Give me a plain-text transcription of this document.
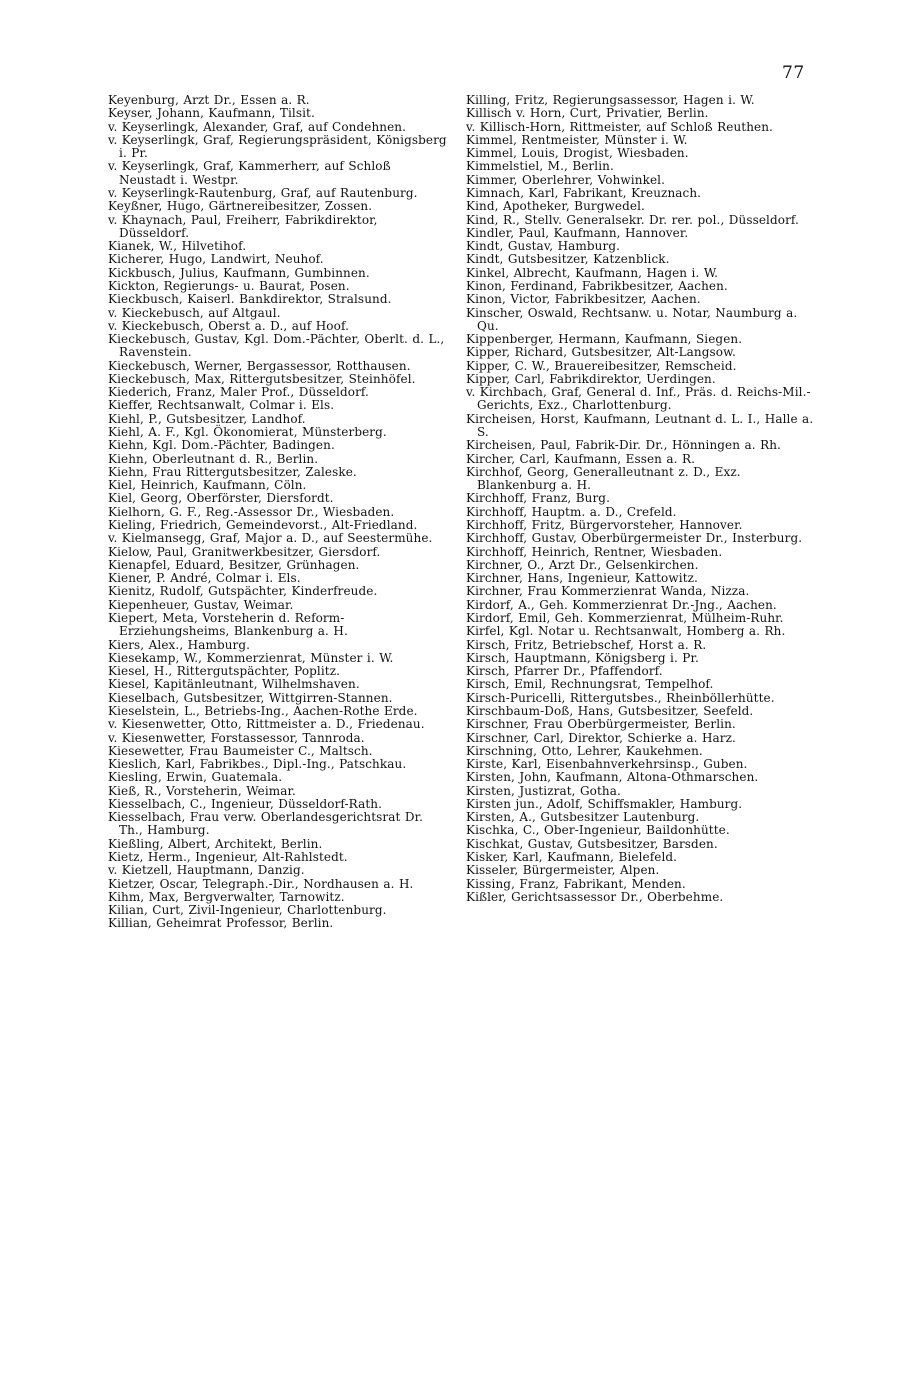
77
Keyenburg, Arzt Dr., Essen a. R.
Keyser, Johann, Kaufmann, Tilsit.
v. Keyserlingk, Alexander, Graf, auf Condehnen.
v. Keyserlingk, Graf, Regierungspräsident, Königsberg i. Pr.
v. Keyserlingk, Graf, Kammerherr, auf Schloß Neustadt i. Westpr.
v. Keyserlingk-Rautenburg, Graf, auf Rautenburg.
Keyßner, Hugo, Gärtnereibesitzer, Zossen.
v. Khaynach, Paul, Freiherr, Fabrikdirektor, Düsseldorf.
Kianek, W., Hilvetihof.
Kicherer, Hugo, Landwirt, Neuhof.
Kickbusch, Julius, Kaufmann, Gumbinnen.
Kickton, Regierungs- u. Baurat, Posen.
Kieckbusch, Kaiserl. Bankdirektor, Stralsund.
v. Kieckebusch, auf Altgaul.
v. Kieckebusch, Oberst a. D., auf Hoof.
Kieckebusch, Gustav, Kgl. Dom.-Pächter, Oberlt. d. L., Ravenstein.
Kieckebusch, Werner, Bergassessor, Rotthausen.
Kieckebusch, Max, Rittergutsbesitzer, Steinhöfel.
Kiederich, Franz, Maler Prof., Düsseldorf.
Kieffer, Rechtsanwalt, Colmar i. Els.
Kiehl, P., Gutsbesitzer, Landhof.
Kiehl, A. F., Kgl. Ökonomierat, Münsterberg.
Kiehn, Kgl. Dom.-Pächter, Badingen.
Kiehn, Oberleutnant d. R., Berlin.
Kiehn, Frau Rittergutsbesitzer, Zaleske.
Kiel, Heinrich, Kaufmann, Cöln.
Kiel, Georg, Oberförster, Diersfordt.
Kielhorn, G. F., Reg.-Assessor Dr., Wiesbaden.
Kieling, Friedrich, Gemeindevorst., Alt-Friedland.
v. Kielmansegg, Graf, Major a. D., auf Seestermühe.
Kielow, Paul, Granitwerkbesitzer, Giersdorf.
Kienapfel, Eduard, Besitzer, Grünhagen.
Kiener, P. André, Colmar i. Els.
Kienitz, Rudolf, Gutspächter, Kinderfreude.
Kiepenheuer, Gustav, Weimar.
Kiepert, Meta, Vorsteherin d. Reform-Erziehungsheims, Blankenburg a. H.
Kiers, Alex., Hamburg.
Kiesekamp, W., Kommerzienrat, Münster i. W.
Kiesel, H., Rittergutspächter, Poplitz.
Kiesel, Kapitänleutnant, Wilhelmshaven.
Kieselbach, Gutsbesitzer, Wittgirren-Stannen.
Kieselstein, L., Betriebs-Ing., Aachen-Rothe Erde.
v. Kiesenwetter, Otto, Rittmeister a. D., Friedenau.
v. Kiesenwetter, Forstassessor, Tannroda.
Kiesewetter, Frau Baumeister C., Maltsch.
Kieslich, Karl, Fabrikbes., Dipl.-Ing., Patschkau.
Kiesling, Erwin, Guatemala.
Kieß, R., Vorsteherin, Weimar.
Kiesselbach, C., Ingenieur, Düsseldorf-Rath.
Kiesselbach, Frau verw. Oberlandesgerichtsrat Dr. Th., Hamburg.
Kießling, Albert, Architekt, Berlin.
Kietz, Herm., Ingenieur, Alt-Rahlstedt.
v. Kietzell, Hauptmann, Danzig.
Kietzer, Oscar, Telegraph.-Dir., Nordhausen a. H.
Kihm, Max, Bergverwalter, Tarnowitz.
Kilian, Curt, Zivil-Ingenieur, Charlottenburg.
Killian, Geheimrat Professor, Berlin.
Killing, Fritz, Regierungsassessor, Hagen i. W.
Killisch v. Horn, Curt, Privatier, Berlin.
v. Killisch-Horn, Rittmeister, auf Schloß Reuthen.
Kimmel, Rentmeister, Münster i. W.
Kimmel, Louis, Drogist, Wiesbaden.
Kimmelstiel, M., Berlin.
Kimmer, Oberlehrer, Vohwinkel.
Kimnach, Karl, Fabrikant, Kreuznach.
Kind, Apotheker, Burgwedel.
Kind, R., Stellv. Generalsekr. Dr. rer. pol., Düsseldorf.
Kindler, Paul, Kaufmann, Hannover.
Kindt, Gustav, Hamburg.
Kindt, Gutsbesitzer, Katzenblick.
Kinkel, Albrecht, Kaufmann, Hagen i. W.
Kinon, Ferdinand, Fabrikbesitzer, Aachen.
Kinon, Victor, Fabrikbesitzer, Aachen.
Kinscher, Oswald, Rechtsanw. u. Notar, Naumburg a. Qu.
Kippenberger, Hermann, Kaufmann, Siegen.
Kipper, Richard, Gutsbesitzer, Alt-Langsow.
Kipper, C. W., Brauereibesitzer, Remscheid.
Kipper, Carl, Fabrikdirektor, Uerdingen.
v. Kirchbach, Graf, General d. Inf., Präs. d. Reichs-Mil.-Gerichts, Exz., Charlottenburg.
Kircheisen, Horst, Kaufmann, Leutnant d. L. I., Halle a. S.
Kircheisen, Paul, Fabrik-Dir. Dr., Hönningen a. Rh.
Kircher, Carl, Kaufmann, Essen a. R.
Kirchhof, Georg, Generalleutnant z. D., Exz. Blankenburg a. H.
Kirchhoff, Franz, Burg.
Kirchhoff, Hauptm. a. D., Crefeld.
Kirchhoff, Fritz, Bürgervorsteher, Hannover.
Kirchhoff, Gustav, Oberbürgermeister Dr., Insterburg.
Kirchhoff, Heinrich, Rentner, Wiesbaden.
Kirchner, O., Arzt Dr., Gelsenkirchen.
Kirchner, Hans, Ingenieur, Kattowitz.
Kirchner, Frau Kommerzienrat Wanda, Nizza.
Kirdorf, A., Geh. Kommerzienrat Dr.-Jng., Aachen.
Kirdorf, Emil, Geh. Kommerzienrat, Mülheim-Ruhr.
Kirfel, Kgl. Notar u. Rechtsanwalt, Homberg a. Rh.
Kirsch, Fritz, Betriebschef, Horst a. R.
Kirsch, Hauptmann, Königsberg i. Pr.
Kirsch, Pfarrer Dr., Pfaffendorf.
Kirsch, Emil, Rechnungsrat, Tempelhof.
Kirsch-Puricelli, Rittergutsbes., Rheinböllerhütte.
Kirschbaum-Doß, Hans, Gutsbesitzer, Seefeld.
Kirschner, Frau Oberbürgermeister, Berlin.
Kirschner, Carl, Direktor, Schierke a. Harz.
Kirschning, Otto, Lehrer, Kaukehmen.
Kirste, Karl, Eisenbahnverkehrsinsp., Guben.
Kirsten, John, Kaufmann, Altona-Othmarschen.
Kirsten, Justizrat, Gotha.
Kirsten jun., Adolf, Schiffsmakler, Hamburg.
Kirsten, A., Gutsbesitzer Lautenburg.
Kischka, C., Ober-Ingenieur, Baildonhütte.
Kischkat, Gustav, Gutsbesitzer, Barsden.
Kisker, Karl, Kaufmann, Bielefeld.
Kisseler, Bürgermeister, Alpen.
Kissing, Franz, Fabrikant, Menden.
Kißler, Gerichtsassessor Dr., Oberbehme.
